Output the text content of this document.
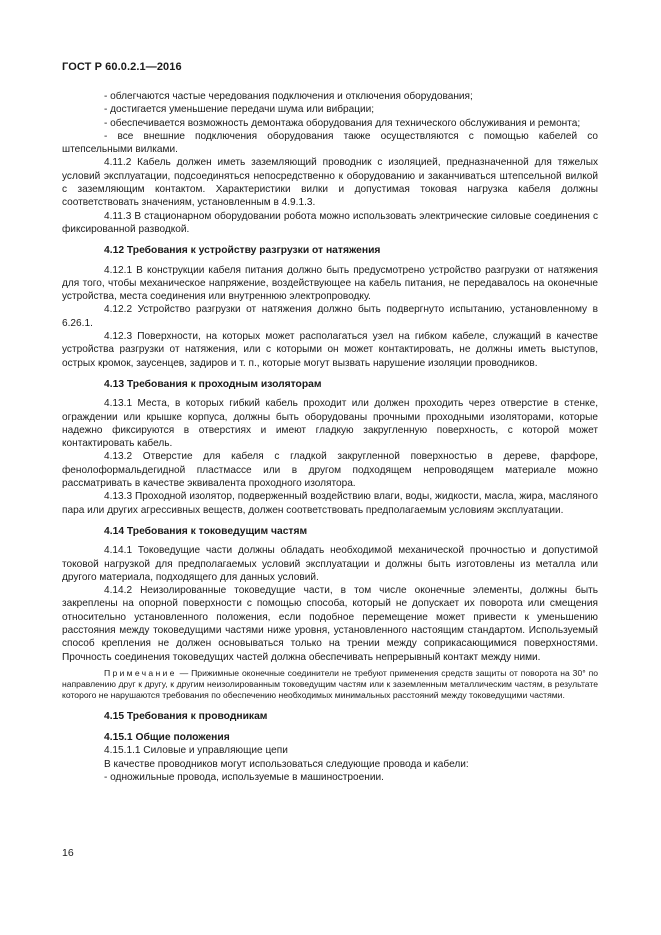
ГОСТ Р 60.0.2.1—2016

- облегчаются частые чередования подключения и отключения оборудования;

- достигается уменьшение передачи шума или вибрации;

- обеспечивается возможность демонтажа оборудования для технического обслуживания и ремонта;

- все внешние подключения оборудования также осуществляются с помощью кабелей со штепсельными вилками.

4.11.2 Кабель должен иметь заземляющий проводник с изоляцией, предназначенной для тяжелых условий эксплуатации, подсоединяться непосредственно к оборудованию и заканчиваться штепсельной вилкой с заземляющим контактом. Характеристики вилки и допустимая токовая нагрузка кабеля должны соответствовать значениям, установленным в 4.9.1.3.

4.11.3 В стационарном оборудовании робота можно использовать электрические силовые соединения с фиксированной разводкой.

4.12 Требования к устройству разгрузки от натяжения

4.12.1 В конструкции кабеля питания должно быть предусмотрено устройство разгрузки от натяжения для того, чтобы механическое напряжение, воздействующее на кабель питания, не передавалось на оконечные устройства, места соединения или внутреннюю электропроводку.

4.12.2 Устройство разгрузки от натяжения должно быть подвергнуто испытанию, установленному в 6.26.1.

4.12.3 Поверхности, на которых может располагаться узел на гибком кабеле, служащий в качестве устройства разгрузки от натяжения, или с которыми он может контактировать, не должны иметь выступов, острых кромок, заусенцев, задиров и т. п., которые могут вызвать нарушение изоляции проводников.

4.13 Требования к проходным изоляторам

4.13.1 Места, в которых гибкий кабель проходит или должен проходить через отверстие в стенке, ограждении или крышке корпуса, должны быть оборудованы прочными проходными изоляторами, которые надежно фиксируются в отверстиях и имеют гладкую закругленную поверхность, с которой может контактировать кабель.

4.13.2 Отверстие для кабеля с гладкой закругленной поверхностью в дереве, фарфоре, фенолоформальдегидной пластмассе или в другом подходящем непроводящем материале можно рассматривать в качестве эквивалента проходного изолятора.

4.13.3 Проходной изолятор, подверженный воздействию влаги, воды, жидкости, масла, жира, масляного пара или других агрессивных веществ, должен соответствовать предполагаемым условиям эксплуатации.

4.14 Требования к токоведущим частям

4.14.1 Токоведущие части должны обладать необходимой механической прочностью и допустимой токовой нагрузкой для предполагаемых условий эксплуатации и должны быть изготовлены из металла или другого материала, подходящего для данных условий.

4.14.2 Неизолированные токоведущие части, в том числе оконечные элементы, должны быть закреплены на опорной поверхности с помощью способа, который не допускает их поворота или смещения относительно установленного положения, если подобное перемещение может привести к уменьшению расстояния между токоведущими частями ниже уровня, установленного настоящим стандартом. Используемый способ крепления не должен основываться только на трении между соприкасающимися поверхностями. Прочность соединения токоведущих частей должна обеспечивать непрерывный контакт между ними.

Примечание — Прижимные оконечные соединители не требуют применения средств защиты от поворота на 30° по направлению друг к другу, к другим неизолированным токоведущим частям или к заземленным металлическим частям, в результате которого не нарушаются требования по обеспечению необходимых минимальных расстояний между токоведущими частями.

4.15 Требования к проводникам

4.15.1 Общие положения

4.15.1.1 Силовые и управляющие цепи

В качестве проводников могут использоваться следующие провода и кабели:

- одножильные провода, используемые в машиностроении.

16
